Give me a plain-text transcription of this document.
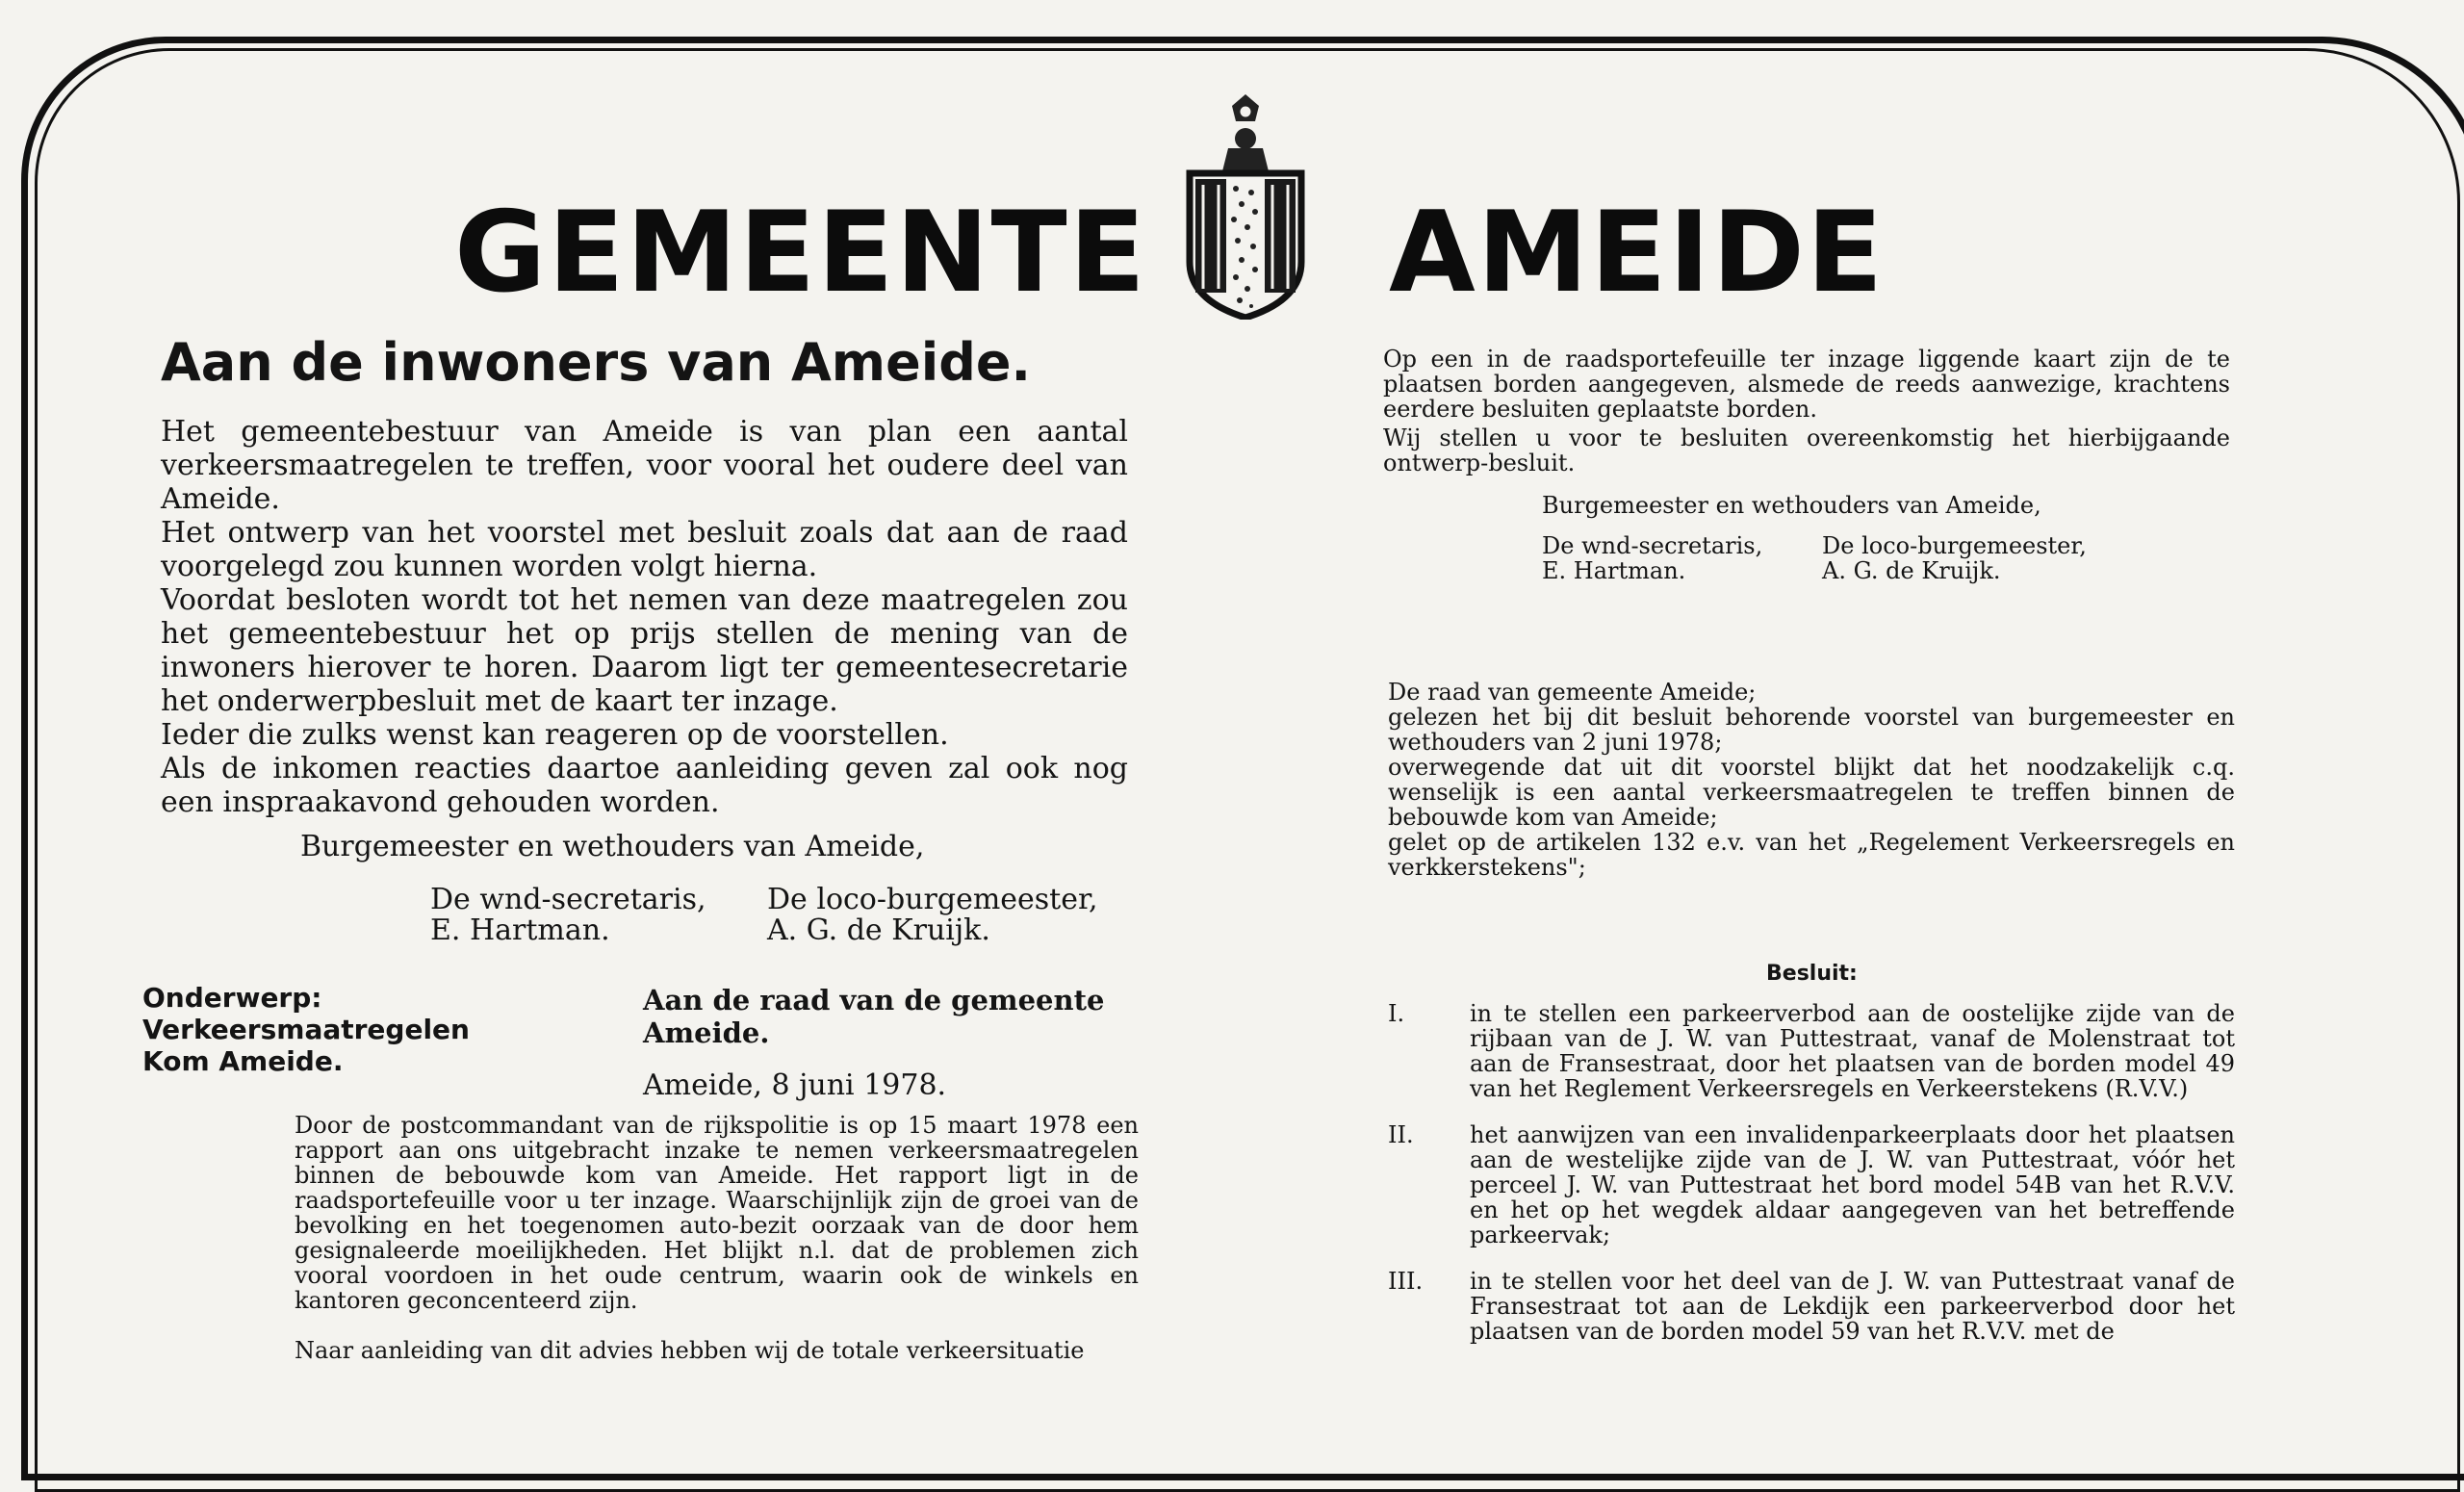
GEMEENTE AMEIDE
Aan de inwoners van Ameide.

Het gemeentebestuur van Ameide is van plan een aantal verkeersmaatregelen te treffen, voor vooral het oudere deel van Ameide.

Het ontwerp van het voorstel met besluit zoals dat aan de raad voorgelegd zou kunnen worden volgt hierna.

Voordat besloten wordt tot het nemen van deze maatregelen zou het gemeentebestuur het op prijs stellen de mening van de inwoners hierover te horen. Daarom ligt ter gemeentesecretarie het onderwerpbesluit met de kaart ter inzage.

Ieder die zulks wenst kan reageren op de voorstellen.

Als de inkomen reacties daartoe aanleiding geven zal ook nog een inspraakavond gehouden worden.

Burgemeester en wethouders van Ameide,
De wnd-secretaris,
E. Hartman.
De loco-burgemeester,
A. G. de Kruijk.
Onderwerp:
Verkeersmaatregelen
Kom Ameide.
Aan de raad van de gemeente
Ameide.
Ameide, 8 juni 1978.
Door de postcommandant van de rijkspolitie is op 15 maart 1978 een rapport aan ons uitgebracht inzake te nemen verkeersmaatregelen binnen de bebouwde kom van Ameide. Het rapport ligt in de raadsportefeuille voor u ter inzage. Waarschijnlijk zijn de groei van de bevolking en het toegenomen auto-bezit oorzaak van de door hem gesignaleerde moeilijkheden. Het blijkt n.l. dat de problemen zich vooral voordoen in het oude centrum, waarin ook de winkels en kantoren geconcenteerd zijn.
Naar aanleiding van dit advies hebben wij de totale verkeersituatie
Op een in de raadsportefeuille ter inzage liggende kaart zijn de te plaatsen borden aangegeven, alsmede de reeds aanwezige, krachtens eerdere besluiten geplaatste borden.
Wij stellen u voor te besluiten overeenkomstig het hierbijgaande ontwerp-besluit.
Burgemeester en wethouders van Ameide,
De wnd-secretaris,
E. Hartman.
De loco-burgemeester,
A. G. de Kruijk.
De raad van gemeente Ameide;
gelezen het bij dit besluit behorende voorstel van burgemeester en wethouders van 2 juni 1978;
overwegende dat uit dit voorstel blijkt dat het noodzakelijk c.q. wenselijk is een aantal verkeersmaatregelen te treffen binnen de bebouwde kom van Ameide;
gelet op de artikelen 132 e.v. van het „Regelement Verkeersregels en verkkerstekens";
Besluit:
I.	in te stellen een parkeerverbod aan de oostelijke zijde van de rijbaan van de J. W. van Puttestraat, vanaf de Molenstraat tot aan de Fransestraat, door het plaatsen van de borden model 49 van het Reglement Verkeersregels en Verkeerstekens (R.V.V.)
II. het aanwijzen van een invalidenparkeerplaats door het plaatsen aan de westelijke zijde van de J. W. van Puttestraat, vóór het perceel J. W. van Puttestraat het bord model 54B van het R.V.V. en het op het wegdek aldaar aangegeven van het betreffende parkeervak;
III. in te stellen voor het deel van de J. W. van Puttestraat vanaf de Fransestraat tot aan de Lekdijk een parkeerverbod door het plaatsen van de borden model 59 van het R.V.V. met de
